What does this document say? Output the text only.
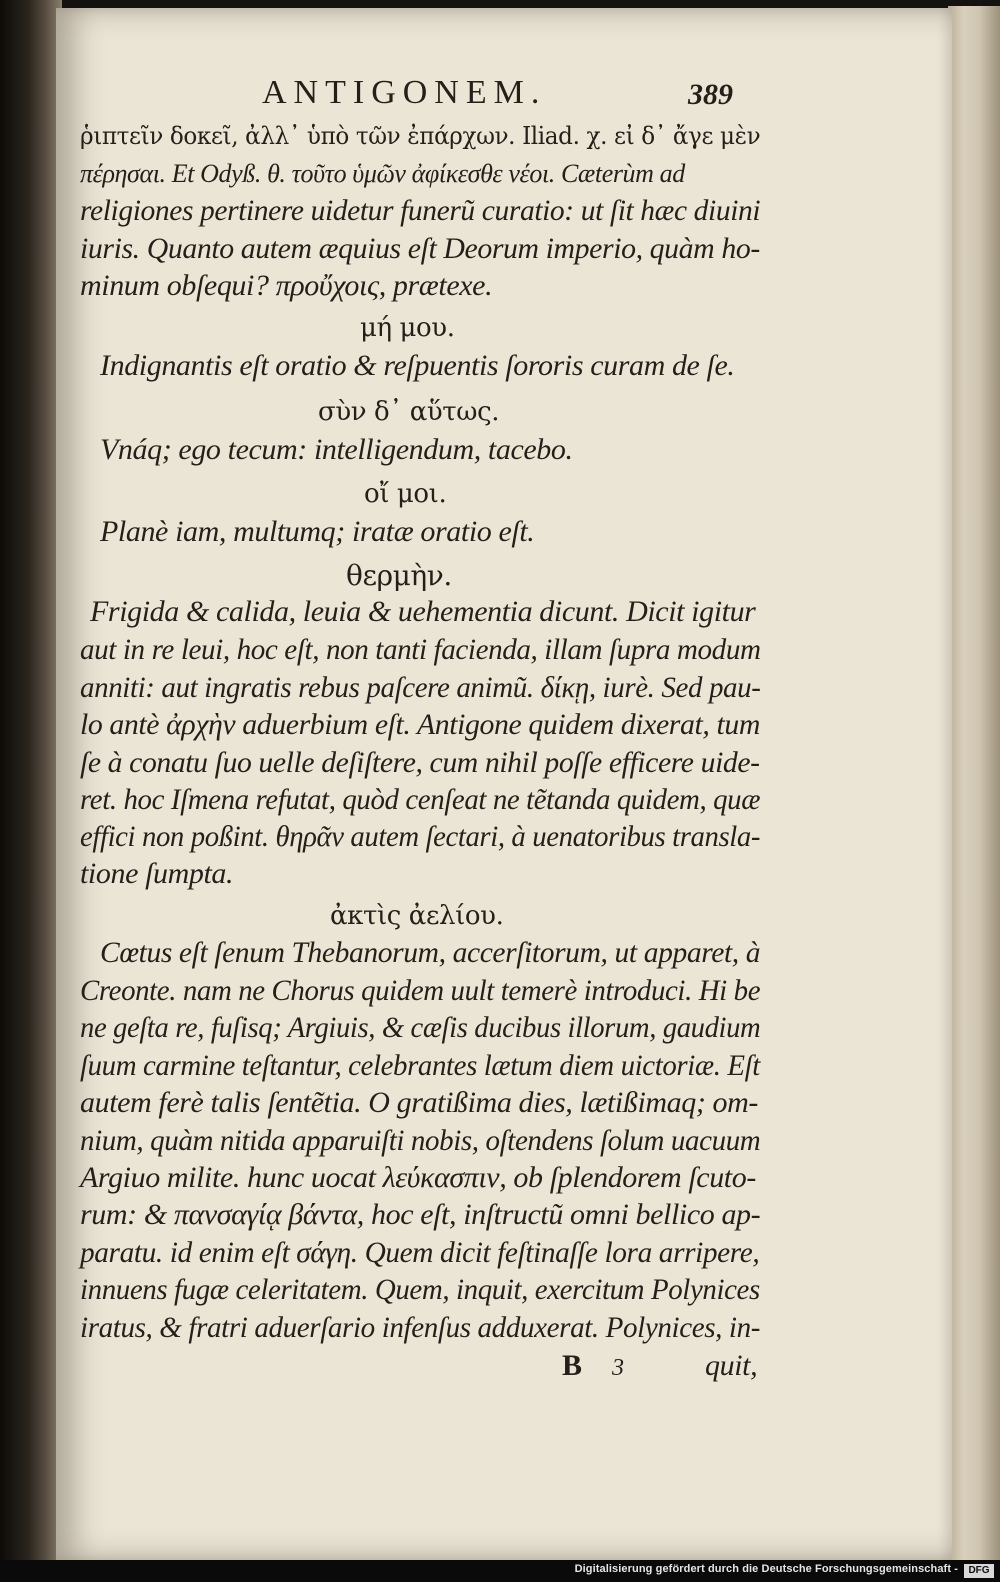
ANTIGONEM.	389
ῥιπτεῖν δοκεῖ, ἀλλ᾽ ὑπὸ τῶν ἐπάρχων. Iliad. χ. εἰ δ᾽ ἄγε μὲν
πέρησαι. Et Odyß. θ. τοῦτο ὑμῶν ἀφίκεσθε νέοι. Cæterùm ad
religiones pertinere uidetur funerũ curatio: ut ſit hæc diuini
iuris. Quanto autem æquius eſt Deorum imperio, quàm ho-
minum obſequi? προὔχοις, prætexe.
μή μου.
Indignantis eſt oratio & reſpuentis ſororis curam de ſe.
σὺν δ᾽ αὕτως.
Vnáq; ego tecum: intelligendum, tacebo.
οἴ μοι.
Planè iam, multumq; iratæ oratio eſt.
θερμὴν.
Frigida & calida, leuia & uehementia dicunt. Dicit igitur
aut in re leui, hoc eſt, non tanti facienda, illam ſupra modum
anniti: aut ingratis rebus paſcere animũ. δίκῃ, iurè. Sed pau-
lo antè ἀρχὴν aduerbium eſt. Antigone quidem dixerat, tum
ſe à conatu ſuo uelle deſiſtere, cum nihil poſſe efficere uide-
ret. hoc Iſmena refutat, quòd cenſeat ne tẽtanda quidem, quæ
effici non poßint. θηρᾶν autem ſectari, à uenatoribus transla-
tione ſumpta.
ἀκτὶς ἀελίου.
Cœtus eſt ſenum Thebanorum, accerſitorum, ut apparet, à
Creonte. nam ne Chorus quidem uult temerè introduci. Hi be
ne geſta re, fuſisq; Argiuis, & cæſis ducibus illorum, gaudium
ſuum carmine teſtantur, celebrantes lætum diem uictoriæ. Eſt
autem ferè talis ſentẽtia. O gratißima dies, lætißimaq; om-
nium, quàm nitida apparuiſti nobis, oſtendens ſolum uacuum
Argiuo milite. hunc uocat λεύκασπιν, ob ſplendorem ſcuto-
rum: & πανσαγίᾳ βάντα, hoc eſt, inſtructũ omni bellico ap-
paratu. id enim eſt σάγη. Quem dicit feſtinaſſe lora arripere,
innuens fugæ celeritatem. Quem, inquit, exercitum Polynices
iratus, & fratri aduerſario infenſus adduxerat. Polynices, in-
B 3	quit,
Digitalisierung gefördert durch die Deutsche Forschungsgemeinschaft -	DFG
